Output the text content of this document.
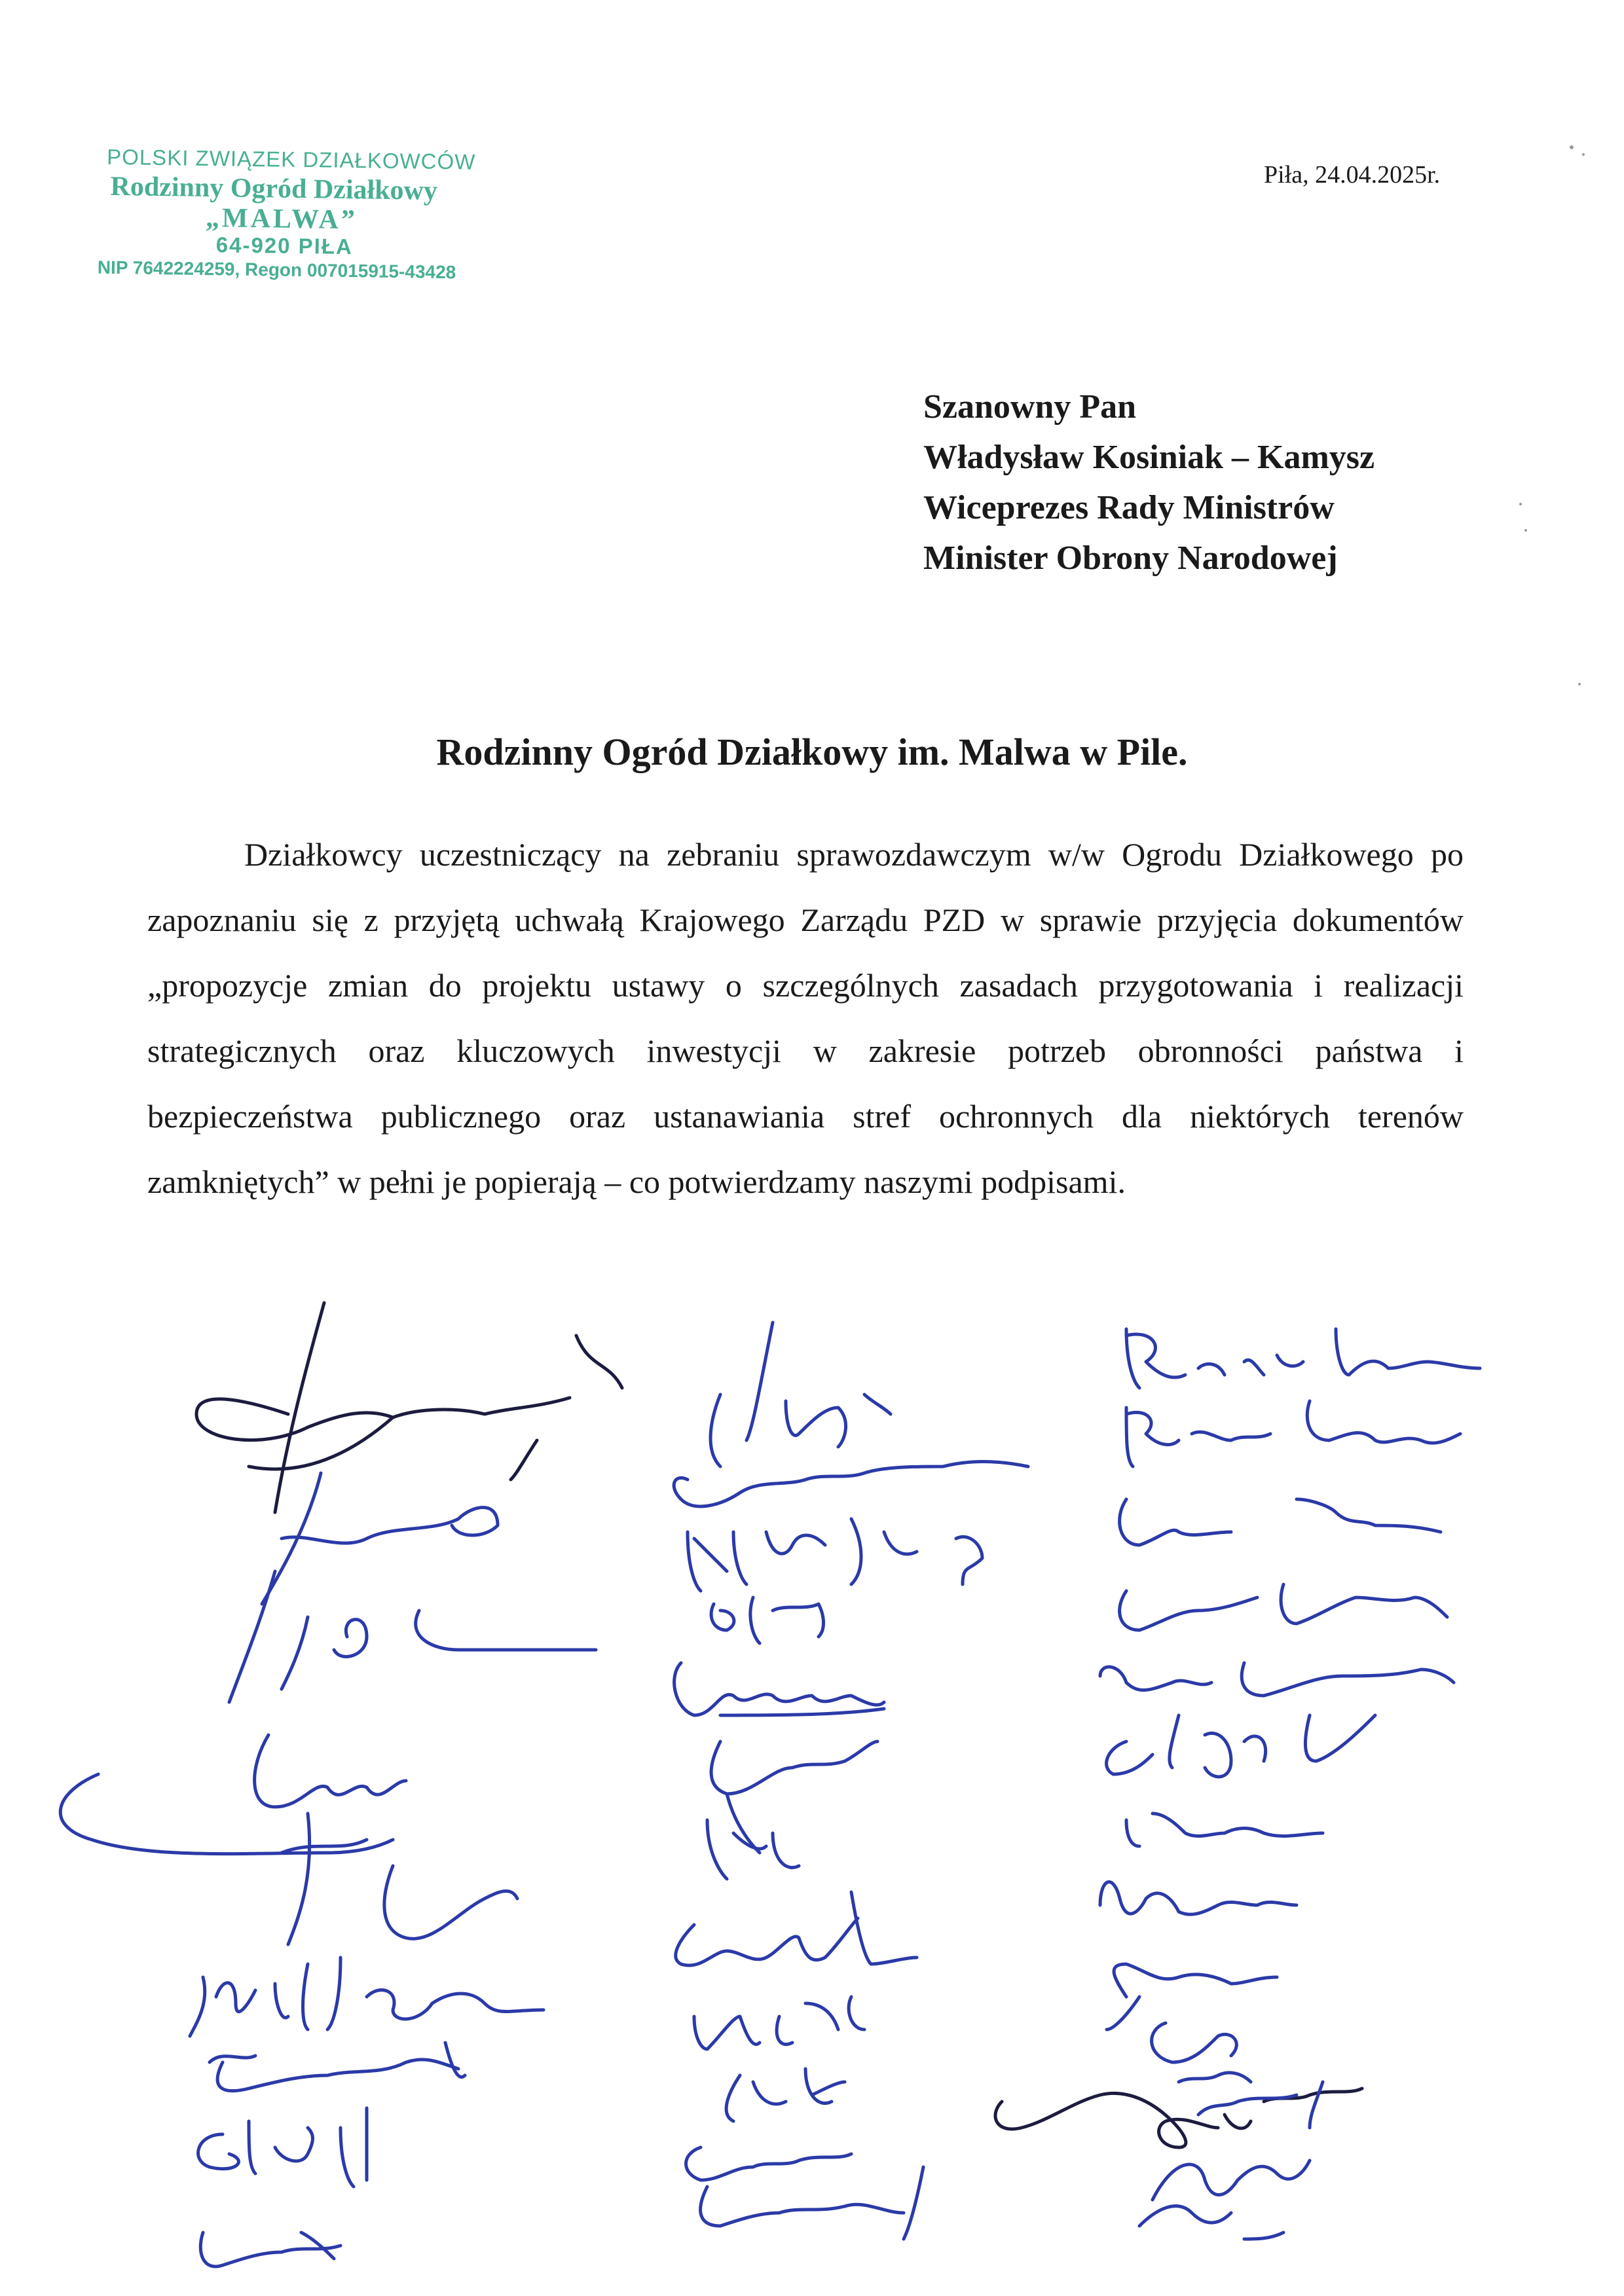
POLSKI ZWIĄZEK DZIAŁKOWCÓW
Rodzinny Ogród Działkowy
„MALWA”
64-920 PIŁA
NIP 7642224259, Regon 007015915-43428
Piła, 24.04.2025r.
Szanowny Pan
Władysław Kosiniak – Kamysz
Wiceprezes Rady Ministrów
Minister Obrony Narodowej
Rodzinny Ogród Działkowy im. Malwa w Pile.
Działkowcy uczestniczący na zebraniu sprawozdawczym w/w Ogrodu Działkowego po zapoznaniu się z przyjętą uchwałą Krajowego Zarządu PZD w sprawie przyjęcia dokumentów „propozycje zmian do projektu ustawy o szczególnych zasadach przygotowania i realizacji strategicznych oraz kluczowych inwestycji w zakresie potrzeb obronności państwa i bezpieczeństwa publicznego oraz ustanawiania stref ochronnych dla niektórych terenów zamkniętych” w pełni je popierają – co potwierdzamy naszymi podpisami.
